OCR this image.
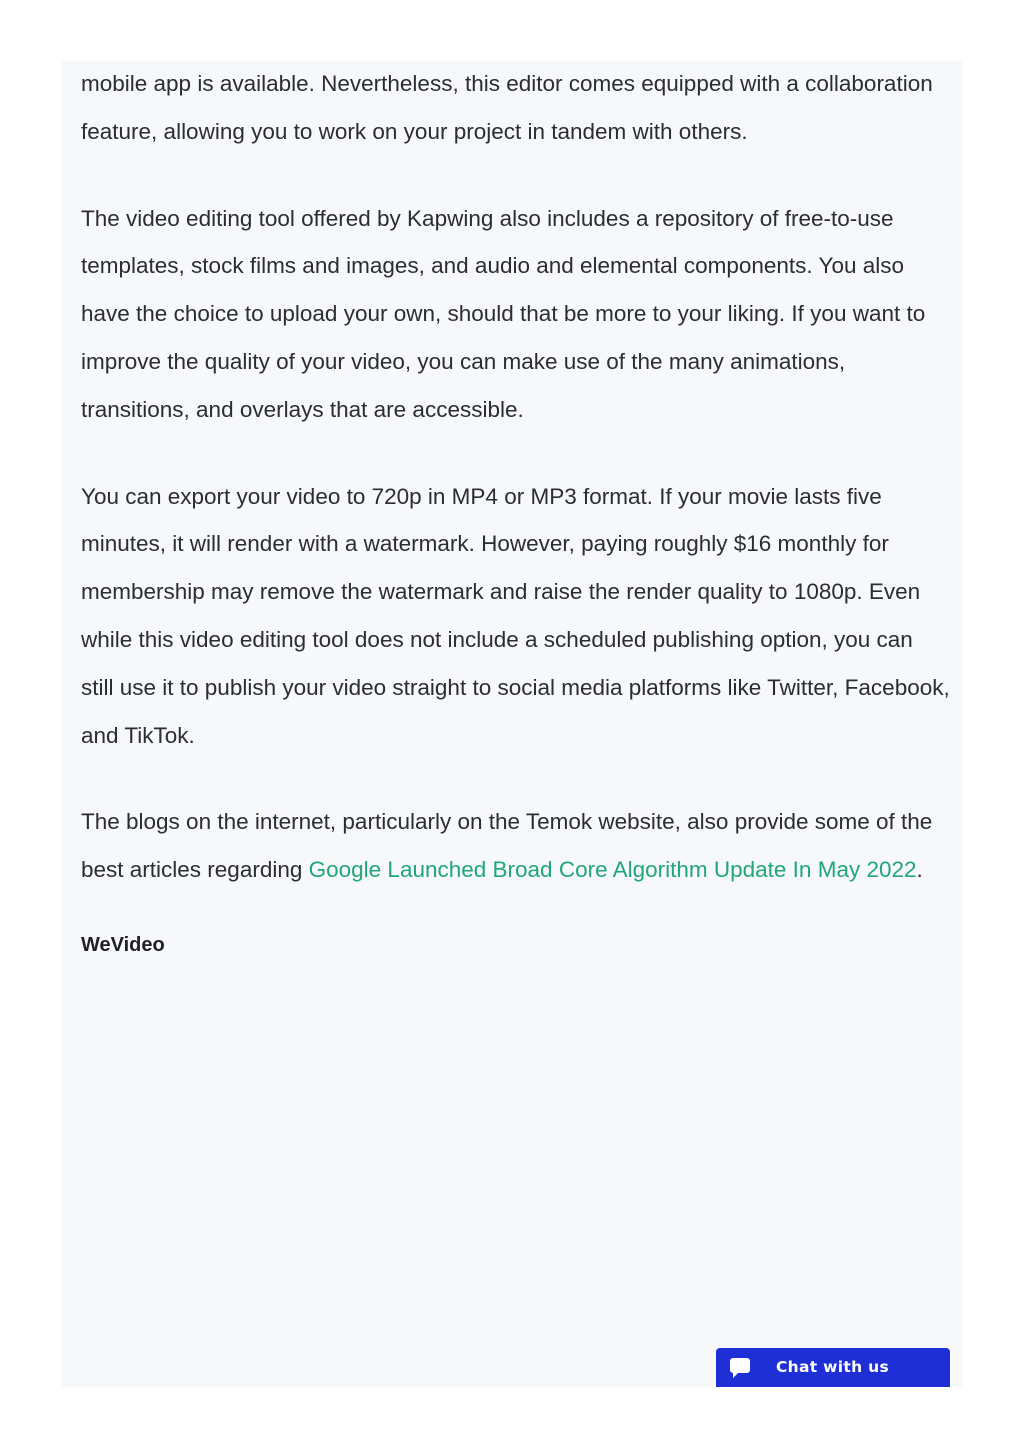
mobile app is available. Nevertheless, this editor comes equipped with a collaboration feature, allowing you to work on your project in tandem with others.

The video editing tool offered by Kapwing also includes a repository of free-to-use templates, stock films and images, and audio and elemental components. You also have the choice to upload your own, should that be more to your liking. If you want to improve the quality of your video, you can make use of the many animations, transitions, and overlays that are accessible.

You can export your video to 720p in MP4 or MP3 format. If your movie lasts five minutes, it will render with a watermark. However, paying roughly $16 monthly for membership may remove the watermark and raise the render quality to 1080p. Even while this video editing tool does not include a scheduled publishing option, you can still use it to publish your video straight to social media platforms like Twitter, Facebook, and TikTok.

The blogs on the internet, particularly on the Temok website, also provide some of the best articles regarding Google Launched Broad Core Algorithm Update In May 2022.

WeVideo
Chat with us
